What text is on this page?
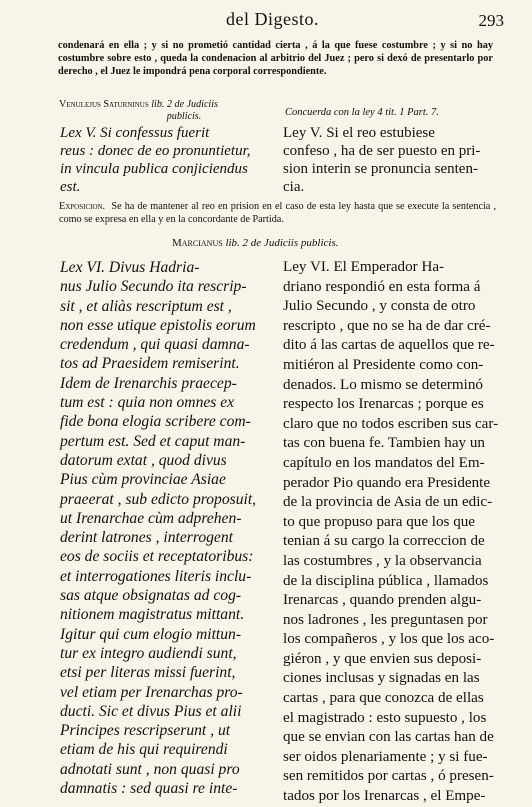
del Digesto.	293
condenará en ella ; y si no prometió cantidad cierta , á la que fuese costumbre ; y si no hay costumbre sobre esto , queda la condenacion al arbitrio del Juez ; pero si dexó de presentarlo por derecho , el Juez le impondrá pena corporal correspondiente.
Venulejus Saturninus lib. 2 de Judiciis
publicis.	Concuerda con la ley 4 tit. 1 Part. 7.
Lex V. Si confessus fuerit
reus : donec de eo pronuntietur,
in vincula publica conjiciendus
est.
Ley V. Si el reo estubiese
confeso , ha de ser puesto en pri-
sion interin se pronuncia senten-
cia.
Exposicion. Se ha de mantener al reo en prision en el caso de esta ley hasta que se execute la sentencia , como se expresa en ella y en la concordante de Partida.
Marcianus lib. 2 de Judiciis publicis.
Lex VI. Divus Hadria-
nus Julio Secundo ita rescrip-
sit , et aliàs rescriptum est ,
non esse utique epistolis eorum
credendum , qui quasi damna-
tos ad Praesidem remiserint.
Idem de Irenarchis praecep-
tum est : quia non omnes ex
fide bona elogia scribere com-
pertum est. Sed et caput man-
datorum extat , quod divus
Pius cùm provinciae Asiae
praeerat , sub edicto proposuit,
ut Irenarchae cùm adprehen-
derint latrones , interrogent
eos de sociis et receptatoribus:
et interrogationes literis inclu-
sas atque obsignatas ad cog-
nitionem magistratus mittant.
Igitur qui cum elogio mittun-
tur ex integro audiendi sunt,
etsi per literas missi fuerint,
vel etiam per Irenarchas pro-
ducti. Sic et divus Pius et alii
Principes rescripserunt , ut
etiam de his qui requirendi
adnotati sunt , non quasi pro
damnatis : sed quasi re inte-
Ley VI. El Emperador Ha-
driano respondió en esta forma á
Julio Secundo , y consta de otro
rescripto , que no se ha de dar cré-
dito á las cartas de aquellos que re-
mitiéron al Presidente como con-
denados. Lo mismo se determinó
respecto los Irenarcas ; porque es
claro que no todos escriben sus car-
tas con buena fe. Tambien hay un
capítulo en los mandatos del Em-
perador Pio quando era Presidente
de la provincia de Asia de un edic-
to que propuso para que los que
tenian á su cargo la correccion de
las costumbres , y la observancia
de la disciplina pública , llamados
Irenarcas , quando prenden algu-
nos ladrones , les preguntasen por
los compañeros , y los que los aco-
giéron , y que envien sus deposi-
ciones inclusas y signadas en las
cartas , para que conozca de ellas
el magistrado : esto supuesto , los
que se envian con las cartas han de
ser oidos plenariamente ; y si fue-
sen remitidos por cartas , ó presen-
tados por los Irenarcas , el Empe-
